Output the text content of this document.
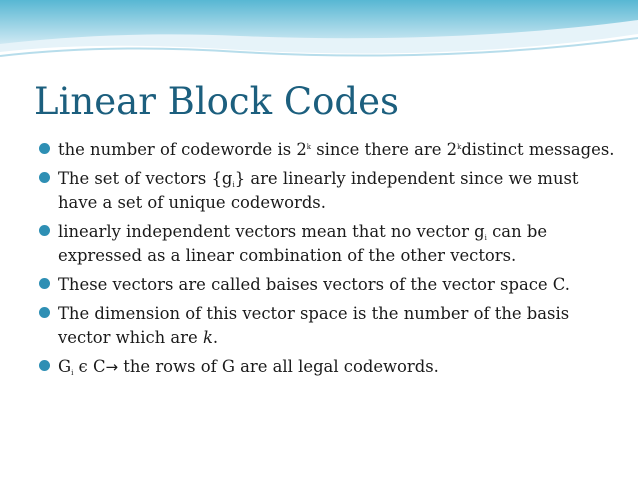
Linear Block Codes
the number of codeworde is 2$^k$ since there are 2$^k$distinct messages.
The set of vectors $\{g_i\}$ are linearly independent since we must have a set of unique codewords.
linearly independent vectors mean that no vector $g_i$ can be expressed as a linear combination of the other vectors.
These vectors are called baises vectors of the vector space C.
The dimension of this vector space is the number of the basis vector which are k.
$G_i$ є C→ the rows of G are all legal codewords.
